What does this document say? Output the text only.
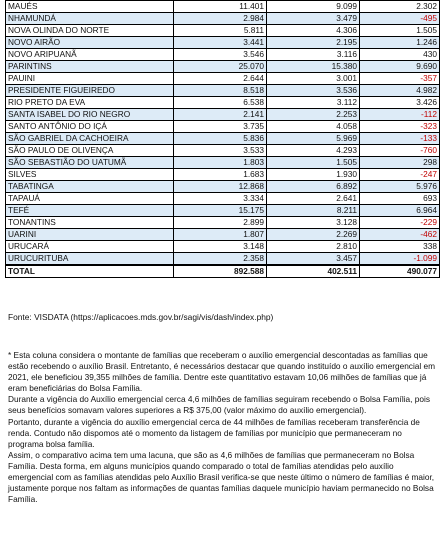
MAUÉS	11.401	9.099	2.302
NHAMUNDÁ	2.984	3.479	-495
NOVA OLINDA DO NORTE	5.811	4.306	1.505
NOVO AIRÃO	3.441	2.195	1.246
NOVO ARIPUANÃ	3.546	3.116	430
PARINTINS	25.070	15.380	9.690
PAUINI	2.644	3.001	-357
PRESIDENTE FIGUEIREDO	8.518	3.536	4.982
RIO PRETO DA EVA	6.538	3.112	3.426
SANTA ISABEL DO RIO NEGRO	2.141	2.253	-112
SANTO ANTÔNIO DO IÇÁ	3.735	4.058	-323
SÃO GABRIEL DA CACHOEIRA	5.836	5.969	-133
SÃO PAULO DE OLIVENÇA	3.533	4.293	-760
SÃO SEBASTIÃO DO UATUMÃ	1.803	1.505	298
SILVES	1.683	1.930	-247
TABATINGA	12.868	6.892	5.976
TAPAUÁ	3.334	2.641	693
TEFÉ	15.175	8.211	6.964
TONANTINS	2.899	3.128	-229
UARINI	1.807	2.269	-462
URUCARÁ	3.148	2.810	338
URUCURITUBA	2.358	3.457	-1.099
TOTAL	892.588	402.511	490.077
Fonte: VISDATA (https://aplicacoes.mds.gov.br/sagi/vis/dash/index.php)

* Esta coluna considera o montante de famílias que receberam o auxílio emergencial descontadas as famílias que estão recebendo o auxílio Brasil. Entretanto, é necessários destacar que quando instituído o auxílio emergencial em 2021, ele beneficiou 39,355 milhões de família. Dentre este quantitativo estavam 10,06 milhões de famílias que já eram beneficiárias do Bolsa Família.

Durante a vigência do Auxílio emergencial cerca 4,6 milhões de famílias seguiram recebendo o Bolsa Família, pois seus benefícios somavam valores superiores a R$ 375,00 (valor máximo do auxílio emergencial).

Portanto, durante a vigência do auxílio emergencial cerca de 44 milhões de famílias receberam transferência de renda. Contudo não dispomos até o momento da listagem de famílias por município que permaneceram no programa bolsa família.

Assim, o comparativo acima tem uma lacuna, que são as 4,6 milhões de famílias que permaneceram no Bolsa Família. Desta forma, em alguns municípios quando comparado o total de famílias atendidas pelo auxílio emergencial com as famílias atendidas pelo Auxílio Brasil verifica-se que neste último o número de famílias é maior, justamente porque nos faltam as informações de quantas famílias daquele município haviam permanecido no Bolsa Família.
